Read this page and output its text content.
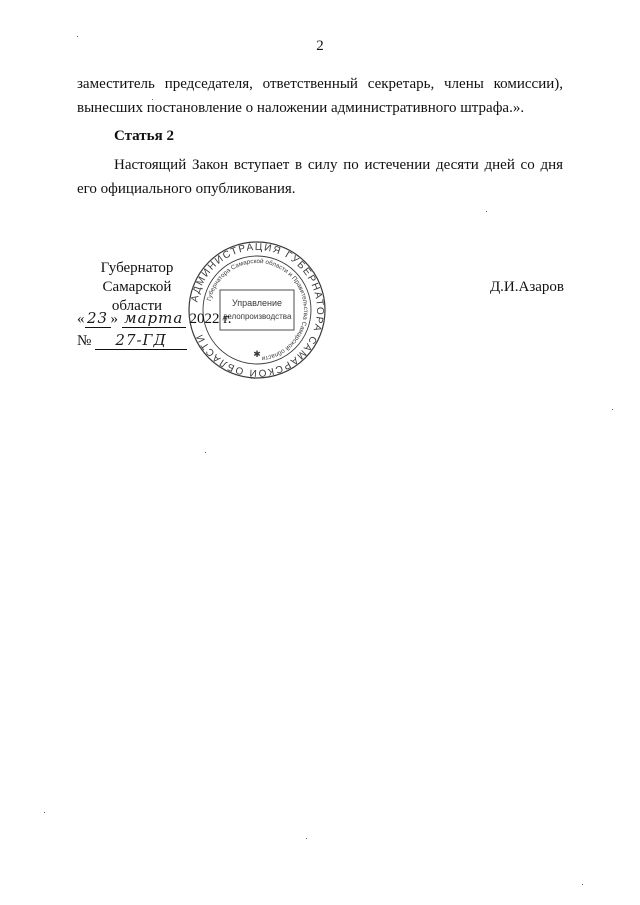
2
заместитель председателя, ответственный секретарь, члены комиссии),
вынесших постановление о наложении административного штрафа.».
Статья 2
Настоящий Закон вступает в силу по истечении десяти дней со дня
его официального опубликования.
АДМИНИСТРАЦИЯ ГУБЕРНАТОРА САМАРСКОЙ ОБЛАСТИ
Губернатора Самарской области и Правительства Самарской области
Управление
делопроизводства
✱
Губернатор
Самарской области
Д.И.Азаров
« 23 » марта 2022 г.
№ 27-ГД
